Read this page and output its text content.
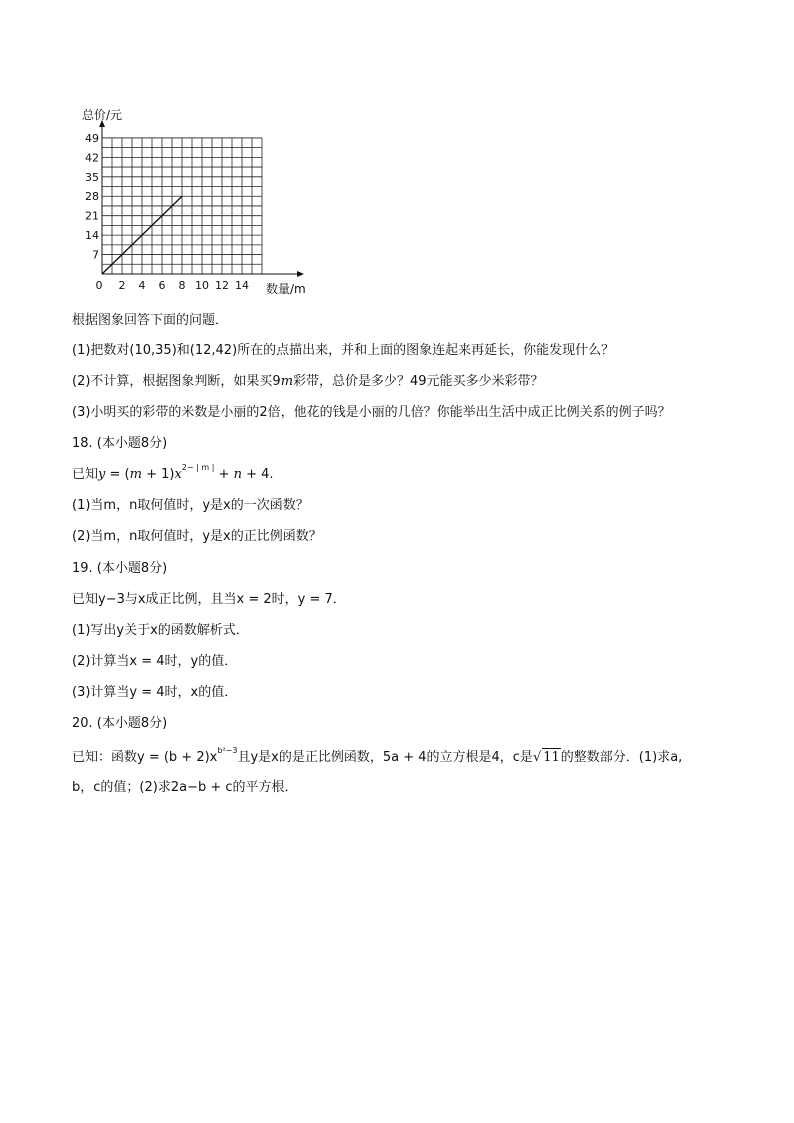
0 2 4 6 8 10 12 14
7
14
21
28
35
42
49
总价/元
数量/m
根据图象回答下面的问题．
(1)把数对(10,35)和(12,42)所在的点描出来，并和上面的图象连起来再延长，你能发现什么？
(2)不计算，根据图象判断，如果买9m彩带，总价是多少？49元能买多少米彩带？
(3)小明买的彩带的米数是小丽的2倍，他花的钱是小丽的几倍？你能举出生活中成正比例关系的例子吗？
18. (本小题8分)
已知$y = (m + 1)x^{2- | m |} + n + 4$.
(1)当m，n取何值时，y是x的一次函数？
(2)当m，n取何值时，y是x的正比例函数？
19. (本小题8分)
已知y−3与x成正比例，且当x = 2时，y = 7．
(1)写出y关于x的函数解析式．
(2)计算当x = 4时，y的值．
(3)计算当y = 4时，x的值．
20. (本小题8分)
已知：函数$y = (b + 2)x^{b^2-3}$且y是x的是正比例函数，5a + 4的立方根是4，c是√ 11的整数部分．(1)求a,
b，c的值；(2)求2a−b + c的平方根．
